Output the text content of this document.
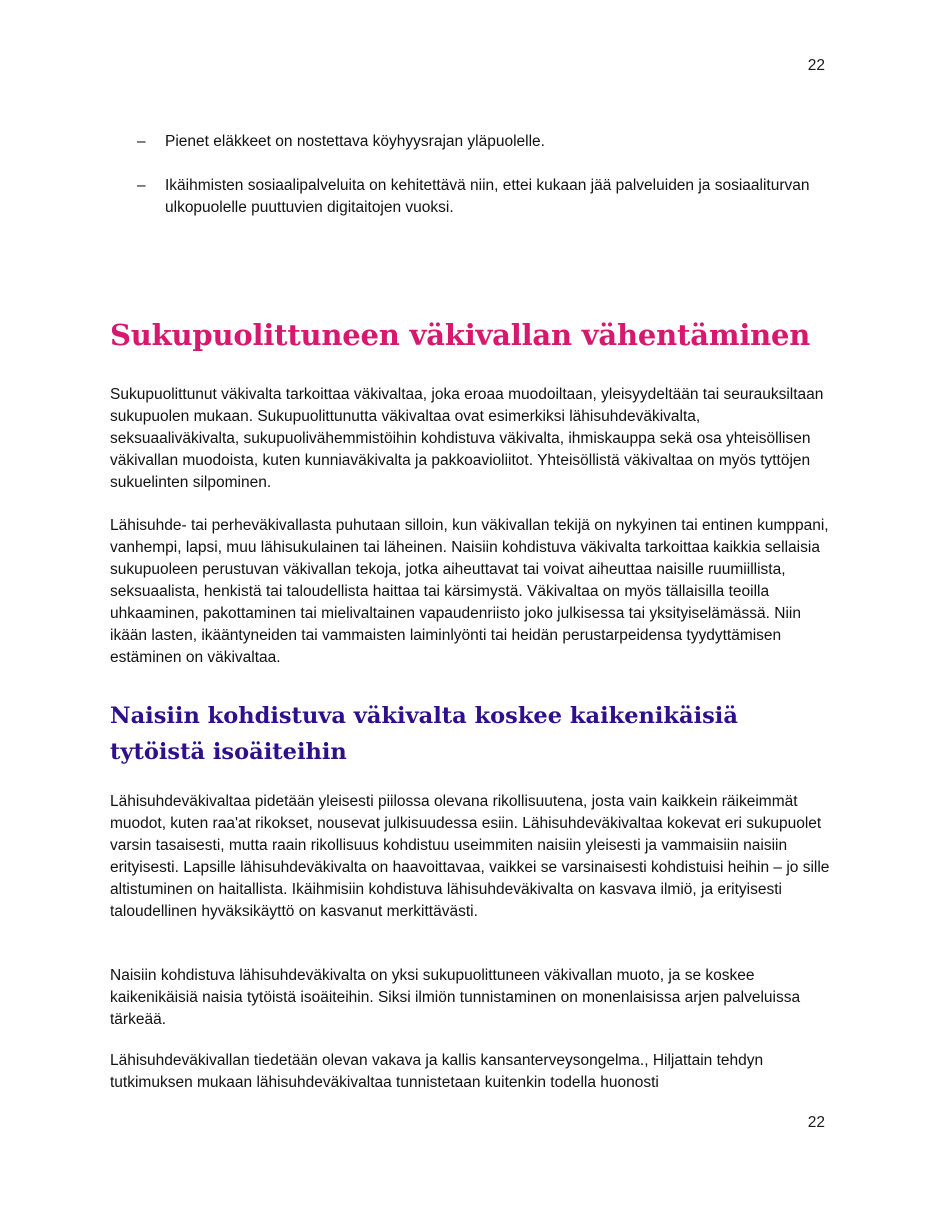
22
–	Pienet eläkkeet on nostettava köyhyysrajan yläpuolelle.
–	Ikäihmisten sosiaalipalveluita on kehitettävä niin, ettei kukaan jää palveluiden ja sosiaaliturvan ulkopuolelle puuttuvien digitaitojen vuoksi.
Sukupuolittuneen väkivallan vähentäminen

Sukupuolittunut väkivalta tarkoittaa väkivaltaa, joka eroaa muodoiltaan, yleisyydeltään tai seurauksiltaan sukupuolen mukaan. Sukupuolittunutta väkivaltaa ovat esimerkiksi lähisuhdeväkivalta, seksuaaliväkivalta, sukupuolivähemmistöihin kohdistuva väkivalta, ihmiskauppa sekä osa yhteisöllisen väkivallan muodoista, kuten kunniaväkivalta ja pakkoavioliitot. Yhteisöllistä väkivaltaa on myös tyttöjen sukuelinten silpominen.

Lähisuhde- tai perheväkivallasta puhutaan silloin, kun väkivallan tekijä on nykyinen tai entinen kumppani, vanhempi, lapsi, muu lähisukulainen tai läheinen. Naisiin kohdistuva väkivalta tarkoittaa kaikkia sellaisia sukupuoleen perustuvan väkivallan tekoja, jotka aiheuttavat tai voivat aiheuttaa naisille ruumiillista, seksuaalista, henkistä tai taloudellista haittaa tai kärsimystä. Väkivaltaa on myös tällaisilla teoilla uhkaaminen, pakottaminen tai mielivaltainen vapaudenriisto joko julkisessa tai yksityiselämässä. Niin ikään lasten, ikääntyneiden tai vammaisten laiminlyönti tai heidän perustarpeidensa tyydyttämisen estäminen on väkivaltaa.

Naisiin kohdistuva väkivalta koskee kaikenikäisiä tytöistä isoäiteihin

Lähisuhdeväkivaltaa pidetään yleisesti piilossa olevana rikollisuutena, josta vain kaikkein räikeimmät muodot, kuten raa'at rikokset, nousevat julkisuudessa esiin. Lähisuhdeväkivaltaa kokevat eri sukupuolet varsin tasaisesti, mutta raain rikollisuus kohdistuu useimmiten naisiin yleisesti ja vammaisiin naisiin erityisesti. Lapsille lähisuhdeväkivalta on haavoittavaa, vaikkei se varsinaisesti kohdistuisi heihin – jo sille altistuminen on haitallista. Ikäihmisiin kohdistuva lähisuhdeväkivalta on kasvava ilmiö, ja erityisesti taloudellinen hyväksikäyttö on kasvanut merkittävästi.

Naisiin kohdistuva lähisuhdeväkivalta on yksi sukupuolittuneen väkivallan muoto, ja se koskee kaikenikäisiä naisia tytöistä isoäiteihin. Siksi ilmiön tunnistaminen on monenlaisissa arjen palveluissa tärkeää.

Lähisuhdeväkivallan tiedetään olevan vakava ja kallis kansanterveysongelma., Hiljattain tehdyn tutkimuksen mukaan lähisuhdeväkivaltaa tunnistetaan kuitenkin todella huonosti

22
